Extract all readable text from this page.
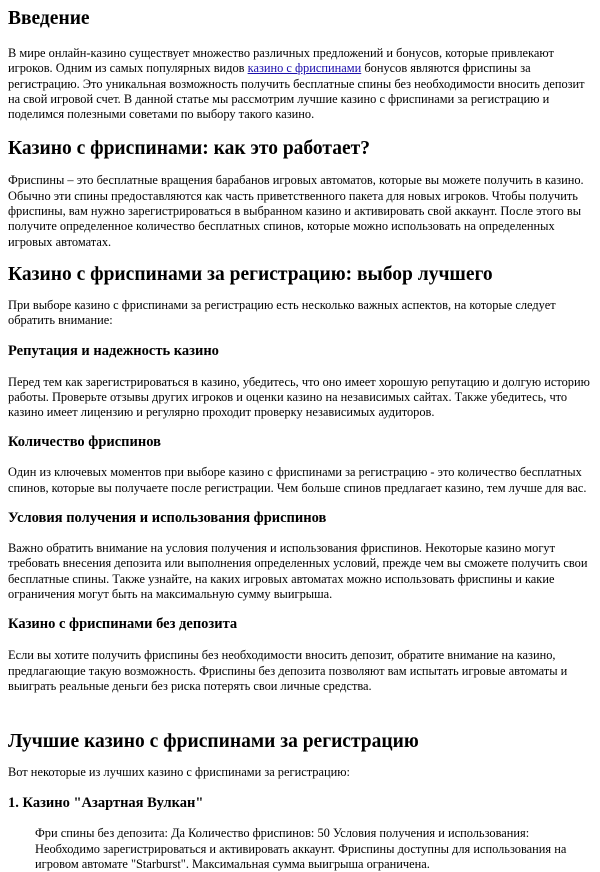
Введение

В мире онлайн-казино существует множество различных предложений и бонусов, которые привлекают игроков. Одним из самых популярных видов казино с фриспинами бонусов являются фриспины за регистрацию. Это уникальная возможность получить бесплатные спины без необходимости вносить депозит на свой игровой счет. В данной статье мы рассмотрим лучшие казино с фриспинами за регистрацию и поделимся полезными советами по выбору такого казино.

Казино с фриспинами: как это работает?

Фриспины – это бесплатные вращения барабанов игровых автоматов, которые вы можете получить в казино. Обычно эти спины предоставляются как часть приветственного пакета для новых игроков. Чтобы получить фриспины, вам нужно зарегистрироваться в выбранном казино и активировать свой аккаунт. После этого вы получите определенное количество бесплатных спинов, которые можно использовать на определенных игровых автоматах.

Казино с фриспинами за регистрацию: выбор лучшего

При выборе казино с фриспинами за регистрацию есть несколько важных аспектов, на которые следует обратить внимание:

Репутация и надежность казино

Перед тем как зарегистрироваться в казино, убедитесь, что оно имеет хорошую репутацию и долгую историю работы. Проверьте отзывы других игроков и оценки казино на независимых сайтах. Также убедитесь, что казино имеет лицензию и регулярно проходит проверку независимых аудиторов.

Количество фриспинов

Один из ключевых моментов при выборе казино с фриспинами за регистрацию - это количество бесплатных спинов, которые вы получаете после регистрации. Чем больше спинов предлагает казино, тем лучше для вас.

Условия получения и использования фриспинов

Важно обратить внимание на условия получения и использования фриспинов. Некоторые казино могут требовать внесения депозита или выполнения определенных условий, прежде чем вы сможете получить свои бесплатные спины. Также узнайте, на каких игровых автоматах можно использовать фриспины и какие ограничения могут быть на максимальную сумму выигрыша.

Казино с фриспинами без депозита

Если вы хотите получить фриспины без необходимости вносить депозит, обратите внимание на казино, предлагающие такую возможность. Фриспины без депозита позволяют вам испытать игровые автоматы и выиграть реальные деньги без риска потерять свои личные средства.

Лучшие казино с фриспинами за регистрацию

Вот некоторые из лучших казино с фриспинами за регистрацию:

1. Казино "Азартная Вулкан"

Фри спины без депозита: Да Количество фриспинов: 50 Условия получения и использования: Необходимо зарегистрироваться и активировать аккаунт. Фриспины доступны для использования на игровом автомате "Starburst". Максимальная сумма выигрыша ограничена.
